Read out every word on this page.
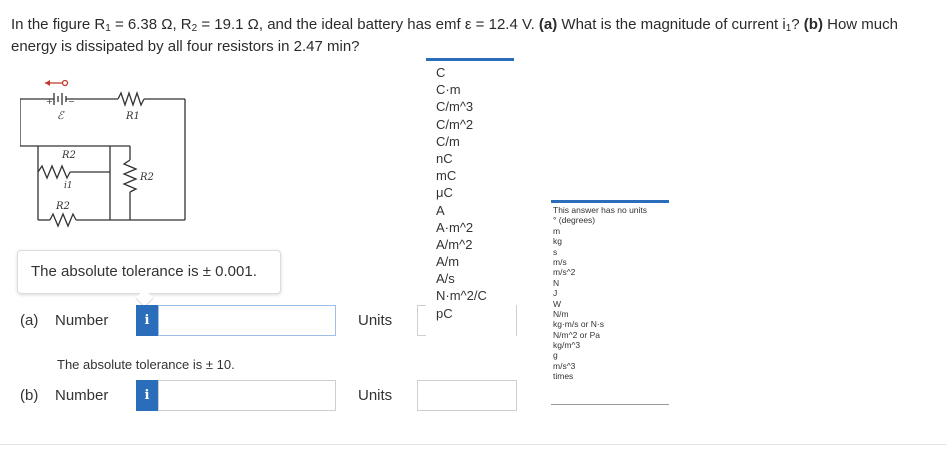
In the figure $R_1 = 6.38$ Ω, $R_2 = 19.1$ Ω, and the ideal battery has emf ε = 12.4 V. (a) What is the magnitude of current $i_1$? (b) How much energy is dissipated by all four resistors in 2.47 min?
+ −
ℰ	R1
R2
R2
i1
R2
The absolute tolerance is ± 0.001.
(a) Number	i	Units
The absolute tolerance is ± 10.
(b) Number	i	Units
C
C·m
C/m^3
C/m^2
C/m
nC
mC
μC
A
A·m^2
A/m^2
A/m
A/s
N·m^2/C
pC
This answer has no units
° (degrees)
m
kg
s
m/s
m/s^2
N
J
W
N/m
kg·m/s or N·s
N/m^2 or Pa
kg/m^3
g
m/s^3
times
